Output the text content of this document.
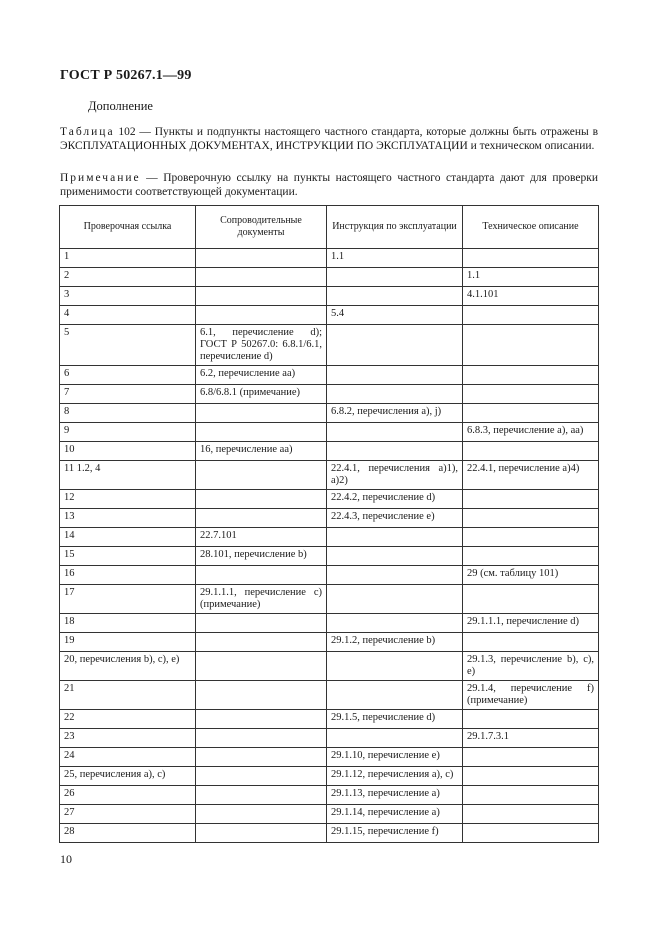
ГОСТ Р 50267.1—99
Дополнение
Таблица 102 — Пункты и подпункты настоящего частного стандарта, которые должны быть отражены в ЭКСПЛУАТАЦИОННЫХ ДОКУМЕНТАХ, ИНСТРУКЦИИ ПО ЭКСПЛУАТАЦИИ и техническом описании.
Примечание — Проверочную ссылку на пункты настоящего частного стандарта дают для проверки применимости соответствующей документации.
Проверочная ссылка	Сопроводительные документы	Инструкция по эксплуатации	Техническое описание
1		1.1	
2			1.1
3			4.1.101
4		5.4	
5	6.1, перечисление d); ГОСТ Р 50267.0: 6.8.1/6.1, перечисление d)		
6	6.2, перечисление аа)		
7	6.8/6.8.1 (примечание)		
8		6.8.2, перечисления а), j)	
9			6.8.3, перечисление а), аа)
10	16, перечисление аа)		
11 1.2, 4		22.4.1, перечисления а)1), а)2)	22.4.1, перечисление а)4)
12		22.4.2, перечисление d)	
13		22.4.3, перечисление е)	
14	22.7.101		
15	28.101, перечисление b)		
16			29 (см. таблицу 101)
17	29.1.1.1, перечисление с) (примечание)		
18			29.1.1.1, перечисление d)
19		29.1.2, перечисление b)	
20, перечисления b), c), e)			29.1.3, перечисление b), с), е)
21			29.1.4, перечисление f) (примечание)
22		29.1.5, перечисление d)	
23			29.1.7.3.1
24		29.1.10, перечисление е)	
25, перечисления а), с)		29.1.12, перечисления а), с)	
26		29.1.13, перечисление а)	
27		29.1.14, перечисление а)	
28		29.1.15, перечисление f)	
10
